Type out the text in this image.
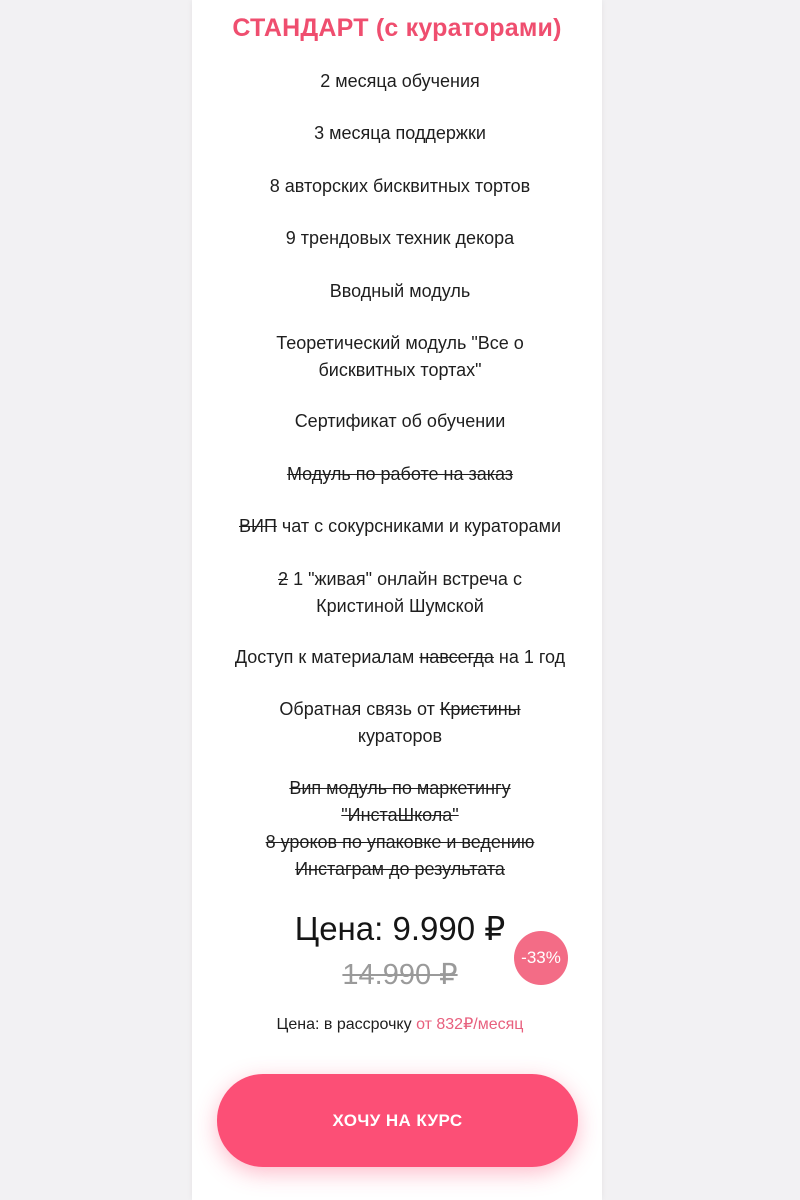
СТАНДАРТ (с кураторами)
2 месяца обучения
3 месяца поддержки
8 авторских бисквитных тортов
9 трендовых техник декора
Вводный модуль
Теоретический модуль "Все о
бисквитных тортах"
Сертификат об обучении
Модуль по работе на заказ
ВИП чат с сокурсниками и кураторами
2 1 "живая" онлайн встреча с
Кристиной Шумской
Доступ к материалам навсегда на 1 год
Обратная связь от Кристины
кураторов
Вип модуль по маркетингу
"ИнстаШкола"
8 уроков по упаковке и ведению
Инстаграм до результата
Цена: 9.990 ₽
14.990 ₽
-33%
Цена: в рассрочку от 832₽/месяц
ХОЧУ НА КУРС
